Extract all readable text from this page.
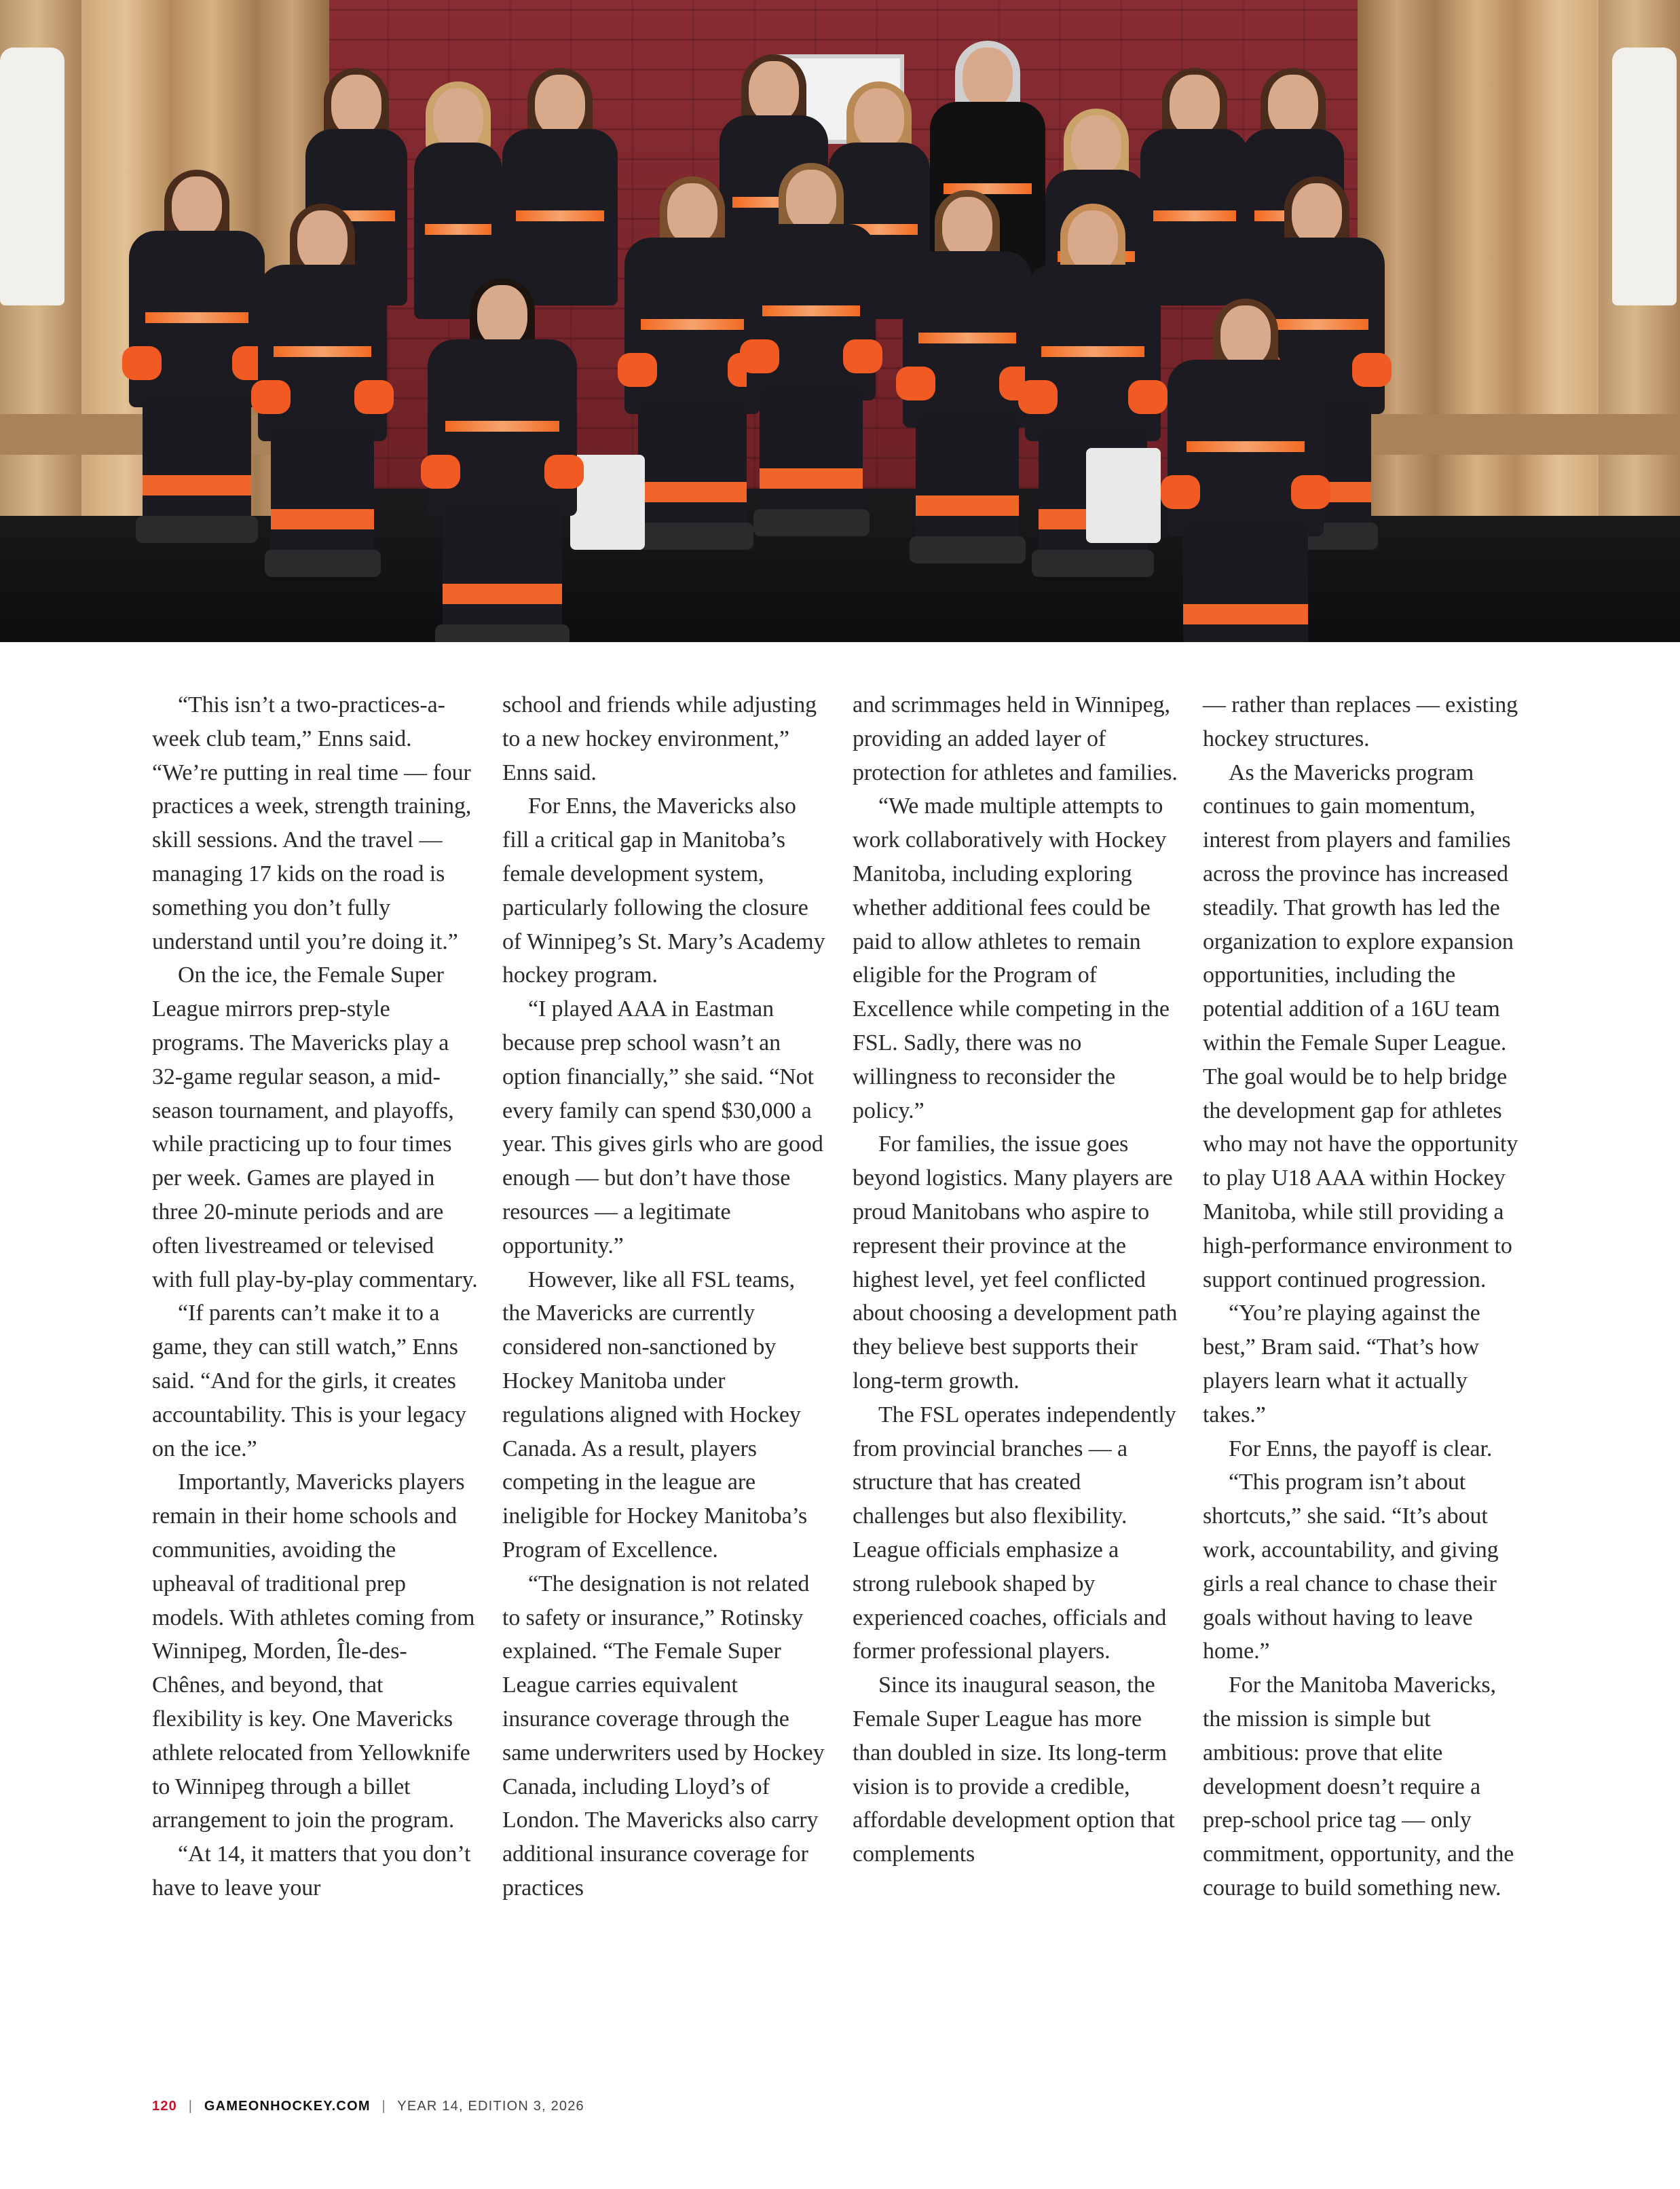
“This isn’t a two-practices-a-week club team,” Enns said. “We’re putting in real time — four practices a week, strength training, skill sessions. And the travel — managing 17 kids on the road is something you don’t fully understand until you’re doing it.”

On the ice, the Female Super League mirrors prep-style programs. The Mavericks play a 32-game regular season, a mid-season tournament, and playoffs, while practicing up to four times per week. Games are played in three 20-minute periods and are often livestreamed or televised with full play-by-play commentary.

“If parents can’t make it to a game, they can still watch,” Enns said. “And for the girls, it creates accountability. This is your legacy on the ice.”

Importantly, Mavericks players remain in their home schools and communities, avoiding the upheaval of traditional prep models. With athletes coming from Winnipeg, Morden, Île-des-Chênes, and beyond, that flexibility is key. One Mavericks athlete relocated from Yellowknife to Winnipeg through a billet arrangement to join the program.

“At 14, it matters that you don’t have to leave your

school and friends while adjusting to a new hockey environment,” Enns said.

For Enns, the Mavericks also fill a critical gap in Manitoba’s female development system, particularly following the closure of Winnipeg’s St. Mary’s Academy hockey program.

“I played AAA in Eastman because prep school wasn’t an option financially,” she said. “Not every family can spend $30,000 a year. This gives girls who are good enough — but don’t have those resources — a legitimate opportunity.”

However, like all FSL teams, the Mavericks are currently considered non-sanctioned by Hockey Manitoba under regulations aligned with Hockey Canada. As a result, players competing in the league are ineligible for Hockey Manitoba’s Program of Excellence.

“The designation is not related to safety or insurance,” Rotinsky explained. “The Female Super League carries equivalent insurance coverage through the same underwriters used by Hockey Canada, including Lloyd’s of London. The Mavericks also carry additional insurance coverage for practices

and scrimmages held in Winnipeg, providing an added layer of protection for athletes and families.

“We made multiple attempts to work collaboratively with Hockey Manitoba, including exploring whether additional fees could be paid to allow athletes to remain eligible for the Program of Excellence while competing in the FSL. Sadly, there was no willingness to reconsider the policy.”

For families, the issue goes beyond logistics. Many players are proud Manitobans who aspire to represent their province at the highest level, yet feel conflicted about choosing a development path they believe best supports their long-term growth.

The FSL operates independently from provincial branches — a structure that has created challenges but also flexibility. League officials emphasize a strong rulebook shaped by experienced coaches, officials and former professional players.

Since its inaugural season, the Female Super League has more than doubled in size. Its long-term vision is to provide a credible, affordable development option that complements

— rather than replaces — existing hockey structures.

As the Mavericks program continues to gain momentum, interest from players and families across the province has increased steadily. That growth has led the organization to explore expansion opportunities, including the potential addition of a 16U team within the Female Super League. The goal would be to help bridge the development gap for athletes who may not have the opportunity to play U18 AAA within Hockey Manitoba, while still providing a high-performance environment to support continued progression.

“You’re playing against the best,” Bram said. “That’s how players learn what it actually takes.”

For Enns, the payoff is clear.

“This program isn’t about shortcuts,” she said. “It’s about work, accountability, and giving girls a real chance to chase their goals without having to leave home.”

For the Manitoba Mavericks, the mission is simple but ambitious: prove that elite development doesn’t require a prep-school price tag — only commitment, opportunity, and the courage to build something new.

120 | GAMEONHOCKEY.COM | YEAR 14, EDITION 3, 2026
